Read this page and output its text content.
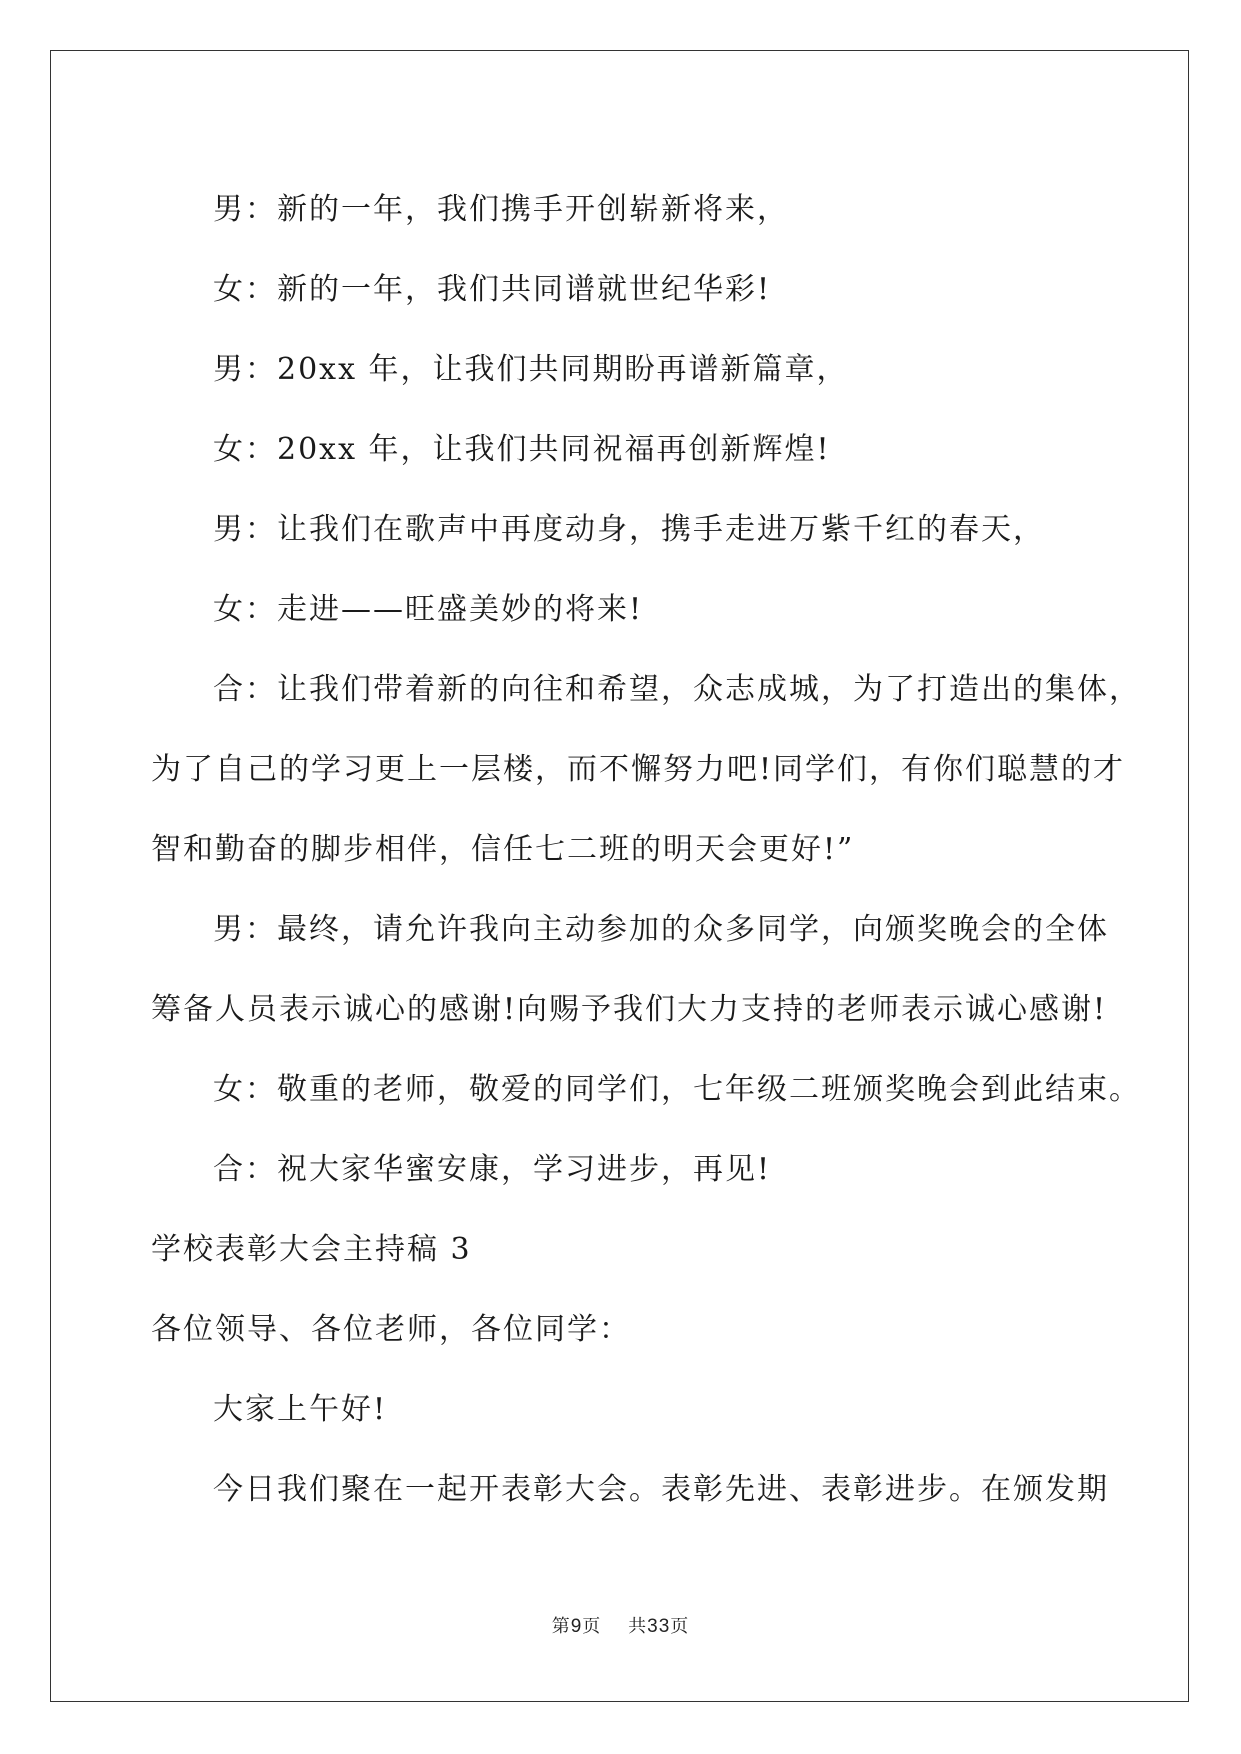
男：新的一年，我们携手开创崭新将来，

女：新的一年，我们共同谱就世纪华彩!

男：20xx 年，让我们共同期盼再谱新篇章，

女：20xx 年，让我们共同祝福再创新辉煌!

男：让我们在歌声中再度动身，携手走进万紫千红的春天，

女：走进——旺盛美妙的将来!

合：让我们带着新的向往和希望，众志成城，为了打造出的集体，

为了自己的学习更上一层楼，而不懈努力吧!同学们，有你们聪慧的才

智和勤奋的脚步相伴，信任七二班的明天会更好!”

男：最终，请允许我向主动参加的众多同学，向颁奖晚会的全体

筹备人员表示诚心的感谢!向赐予我们大力支持的老师表示诚心感谢!

女：敬重的老师，敬爱的同学们，七年级二班颁奖晚会到此结束。

合：祝大家华蜜安康，学习进步，再见!

学校表彰大会主持稿 3

各位领导、各位老师，各位同学：

大家上午好!

今日我们聚在一起开表彰大会。表彰先进、表彰进步。在颁发期

第9页 共33页
